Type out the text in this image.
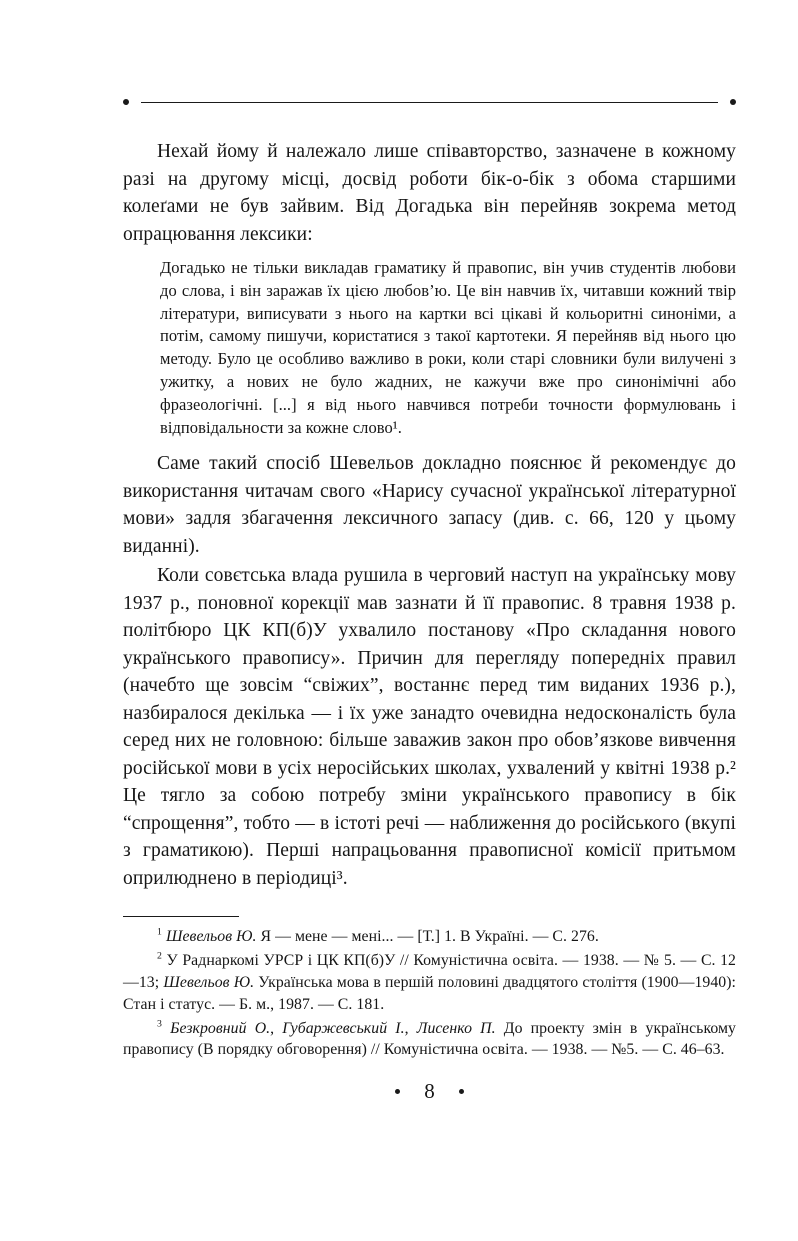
Нехай йому й належало лише співавторство, зазначене в кожному разі на другому місці, досвід роботи бік-о-бік з обома старшими колеґами не був зайвим. Від Догадька він перейняв зокрема метод опрацювання лексики:

Догадько не тільки викладав граматику й правопис, він учив студентів любови до слова, і він заражав їх цією любов’ю. Це він навчив їх, читавши кожний твір літератури, виписувати з нього на картки всі цікаві й кольоритні синоніми, а потім, самому пишучи, користатися з такої картотеки. Я перейняв від нього цю методу. Було це особливо важливо в роки, коли старі словники були вилучені з ужитку, а нових не було жадних, не кажучи вже про синонімічні або фразеологічні. [...] я від нього навчився потреби точности формулювань і відповідальности за кожне слово¹.

Саме такий спосіб Шевельов докладно пояснює й рекомендує до використання читачам свого «Нарису сучасної української літературної мови» задля збагачення лексичного запасу (див. с. 66, 120 у цьому виданні).

Коли совєтська влада рушила в черговий наступ на українську мову 1937 р., поновної корекції мав зазнати й її правопис. 8 травня 1938 р. політбюро ЦК КП(б)У ухвалило постанову «Про складання нового українського правопису». Причин для перегляду попередніх правил (начебто ще зовсім “свіжих”, востаннє перед тим виданих 1936 р.), назбиралося декілька — і їх уже занадто очевидна недосконалість була серед них не головною: більше заважив закон про обов’язкове вивчення російської мови в усіх неросійських школах, ухвалений у квітні 1938 р.² Це тягло за собою потребу зміни українського правопису в бік “спрощення”, тобто — в істоті речі — наближення до російського (вкупі з граматикою). Перші напрацьовання правописної комісії притьмом оприлюднено в періодиці³.

$^1$ Шевельов Ю. Я — мене — мені... — [Т.] 1. В Україні. — С. 276.

$^2$ У Раднаркомі УРСР і ЦК КП(б)У // Комуністична освіта. — 1938. — № 5. — С. 12—13; Шевельов Ю. Українська мова в першій половині двадцятого століття (1900—1940): Стан і статус. — Б. м., 1987. — С. 181.

$^3$ Безкровний О., Губаржевський І., Лисенко П. До проекту змін в українському правопису (В порядку обговорення) // Комуністична освіта. — 1938. — №5. — С. 46–63.

8
